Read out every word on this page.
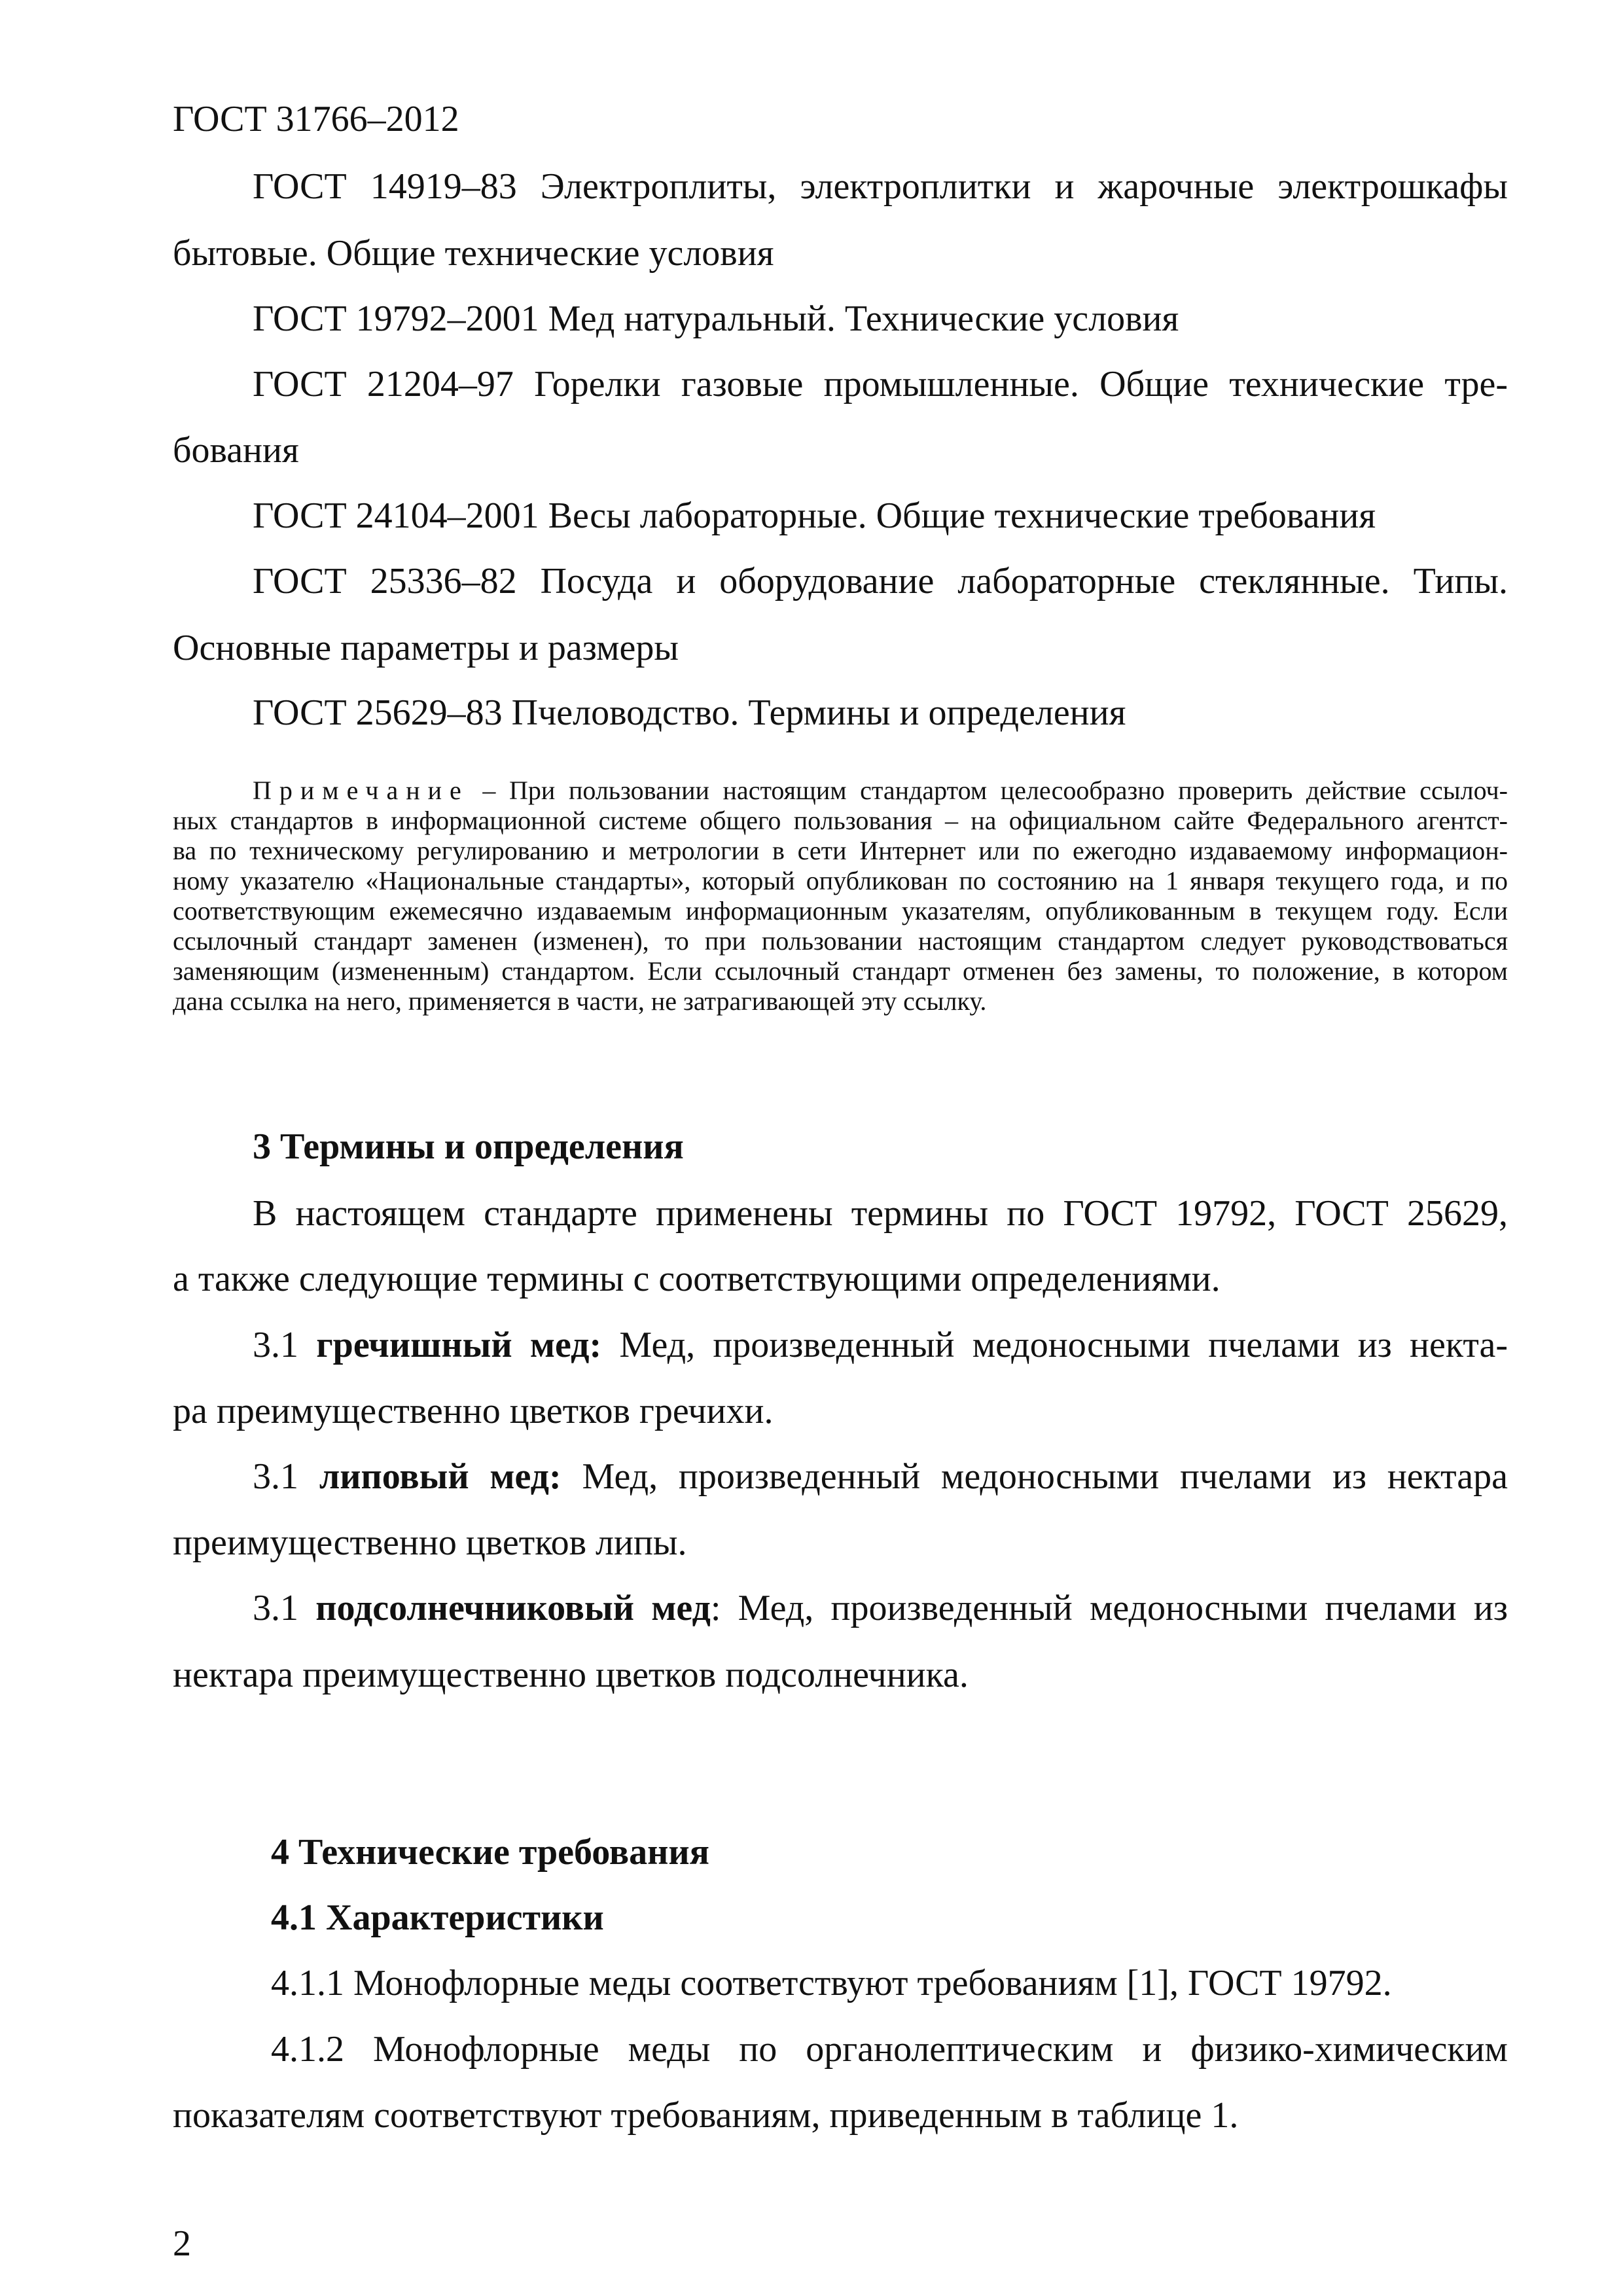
ГОСТ 31766–2012
ГОСТ 14919–83 Электроплиты, электроплитки и жарочные электрошкафы
бытовые. Общие технические условия
ГОСТ 19792–2001 Мед натуральный. Технические условия
ГОСТ 21204–97 Горелки газовые промышленные. Общие технические тре-
бования
ГОСТ 24104–2001 Весы лабораторные. Общие технические требования
ГОСТ 25336–82 Посуда и оборудование лабораторные стеклянные. Типы.
Основные параметры и размеры
ГОСТ 25629–83 Пчеловодство. Термины и определения
Примечание – При пользовании настоящим стандартом целесообразно проверить действие ссылоч-
ных стандартов в информационной системе общего пользования – на официальном сайте Федерального агентст-
ва по техническому регулированию и метрологии в сети Интернет или по ежегодно издаваемому информацион-
ному указателю «Национальные стандарты», который опубликован по состоянию на 1 января текущего года, и по
соответствующим ежемесячно издаваемым информационным указателям, опубликованным в текущем году. Если
ссылочный стандарт заменен (изменен), то при пользовании настоящим стандартом следует руководствоваться
заменяющим (измененным) стандартом. Если ссылочный стандарт отменен без замены, то положение, в котором
дана ссылка на него, применяется в части, не затрагивающей эту ссылку.
3 Термины и определения
В настоящем стандарте применены термины по ГОСТ 19792, ГОСТ 25629,
а также следующие термины с соответствующими определениями.
3.1 гречишный мед: Мед, произведенный медоносными пчелами из некта-
ра преимущественно цветков гречихи.
3.1 липовый мед: Мед, произведенный медоносными пчелами из нектара
преимущественно цветков липы.
3.1 подсолнечниковый мед: Мед, произведенный медоносными пчелами из
нектара преимущественно цветков подсолнечника.
4 Технические требования
4.1 Характеристики
4.1.1 Монофлорные меды соответствуют требованиям [1], ГОСТ 19792.
4.1.2 Монофлорные меды по органолептическим и физико-химическим
показателям соответствуют требованиям, приведенным в таблице 1.
2
